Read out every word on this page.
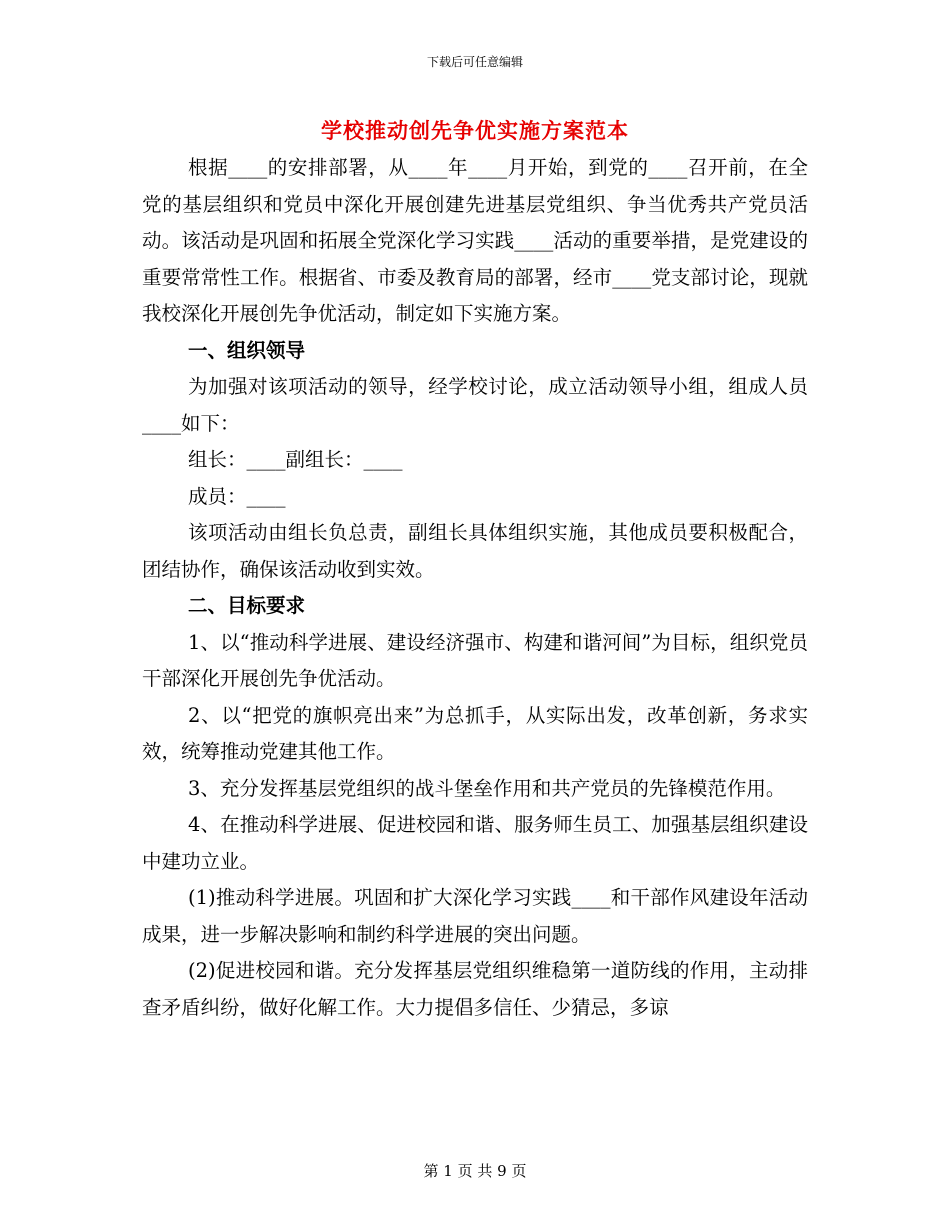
下载后可任意编辑
学校推动创先争优实施方案范本

根据____的安排部署，从____年____月开始，到党的____召开前，在全党的基层组织和党员中深化开展创建先进基层党组织、争当优秀共产党员活动。该活动是巩固和拓展全党深化学习实践____活动的重要举措，是党建设的重要常常性工作。根据省、市委及教育局的部署，经市____党支部讨论，现就我校深化开展创先争优活动，制定如下实施方案。

一、组织领导

为加强对该项活动的领导，经学校讨论，成立活动领导小组，组成人员____如下：

组长：____副组长：____

成员：____

该项活动由组长负总责，副组长具体组织实施，其他成员要积极配合，团结协作，确保该活动收到实效。

二、目标要求

1、以“推动科学进展、建设经济强市、构建和谐河间”为目标，组织党员干部深化开展创先争优活动。

2、以“把党的旗帜亮出来”为总抓手，从实际出发，改革创新，务求实效，统筹推动党建其他工作。

3、充分发挥基层党组织的战斗堡垒作用和共产党员的先锋模范作用。

4、在推动科学进展、促进校园和谐、服务师生员工、加强基层组织建设中建功立业。

(1)推动科学进展。巩固和扩大深化学习实践____和干部作风建设年活动成果，进一步解决影响和制约科学进展的突出问题。

(2)促进校园和谐。充分发挥基层党组织维稳第一道防线的作用，主动排查矛盾纠纷，做好化解工作。大力提倡多信任、少猜忌，多谅

第 1 页 共 9 页
